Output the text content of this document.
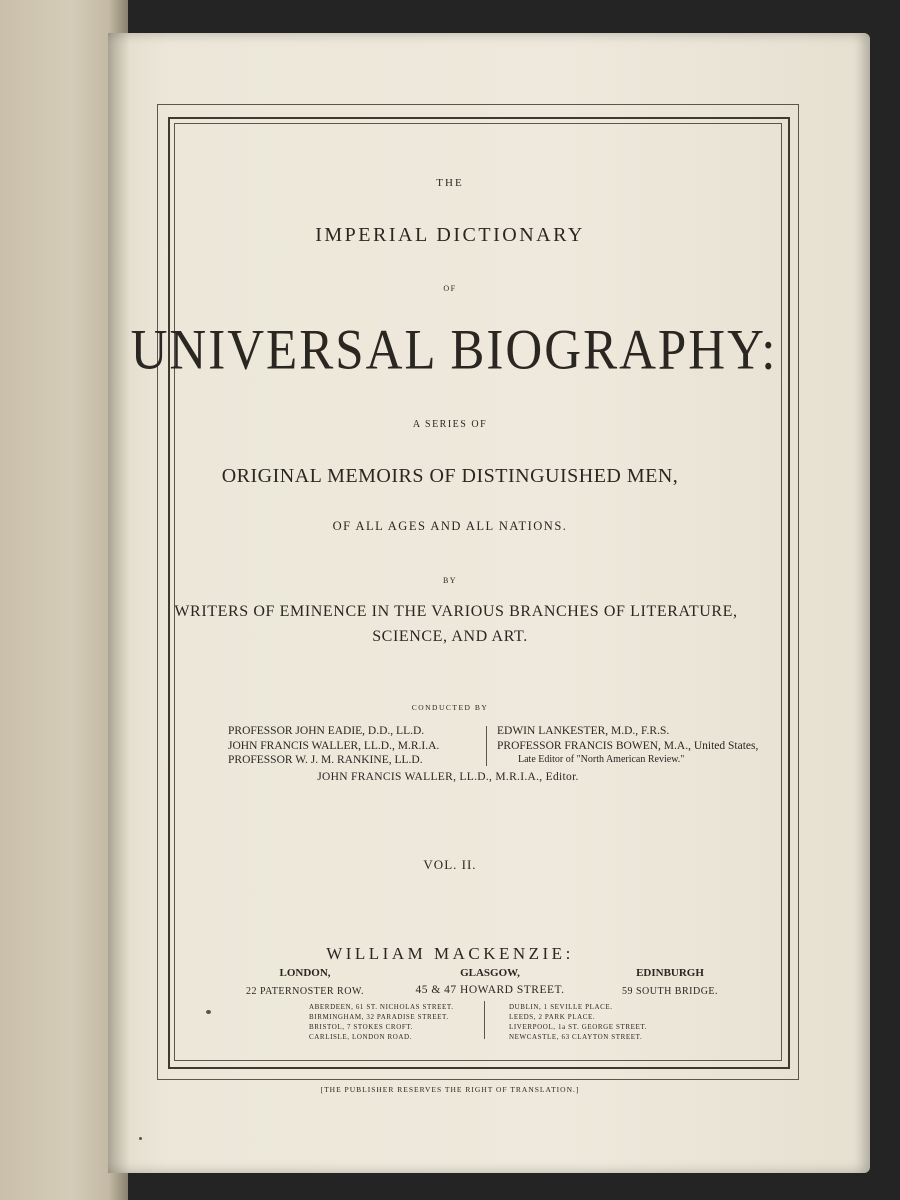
THE
IMPERIAL DICTIONARY
OF
UNIVERSAL BIOGRAPHY:
A SERIES OF
ORIGINAL MEMOIRS OF DISTINGUISHED MEN,
OF ALL AGES AND ALL NATIONS.
BY
WRITERS OF EMINENCE IN THE VARIOUS BRANCHES OF LITERATURE,
SCIENCE, AND ART.
CONDUCTED BY
PROFESSOR JOHN EADIE, D.D., LL.D.
JOHN FRANCIS WALLER, LL.D., M.R.I.A.
PROFESSOR W. J. M. RANKINE, LL.D.
EDWIN LANKESTER, M.D., F.R.S.
PROFESSOR FRANCIS BOWEN, M.A., United States,
Late Editor of "North American Review."
JOHN FRANCIS WALLER, LL.D., M.R.I.A., Editor.
VOL. II.
WILLIAM MACKENZIE:
LONDON,
22 PATERNOSTER ROW.
GLASGOW,
45 & 47 HOWARD STREET.
EDINBURGH
59 SOUTH BRIDGE.
ABERDEEN, 61 ST. NICHOLAS STREET.
BIRMINGHAM, 32 PARADISE STREET.
BRISTOL, 7 STOKES CROFT.
CARLISLE, LONDON ROAD.
DUBLIN, 1 SEVILLE PLACE.
LEEDS, 2 PARK PLACE.
LIVERPOOL, 1a ST. GEORGE STREET.
NEWCASTLE, 63 CLAYTON STREET.
[THE PUBLISHER RESERVES THE RIGHT OF TRANSLATION.]
